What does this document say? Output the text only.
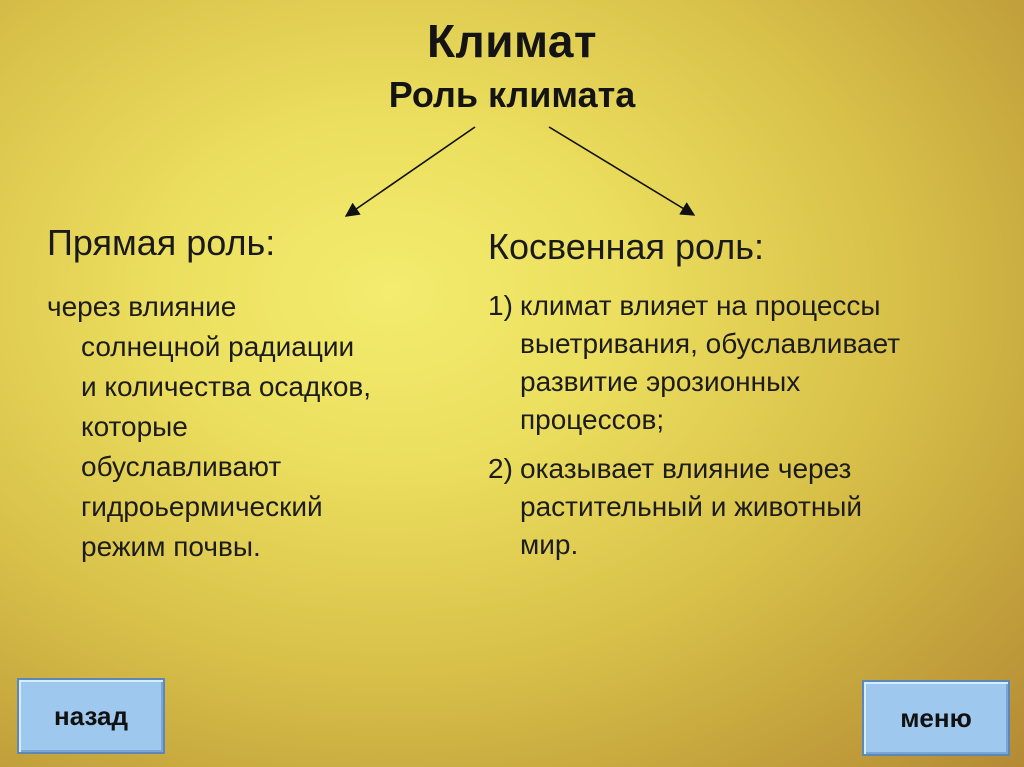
Климат
Роль климата
Прямая роль:
через влияние
солнецной радиации
и количества осадков,
которые
обуславливают
гидроьермический
режим почвы.
Косвенная роль:
1) климат влияет на процессы
выетривания, обуславливает
развитие эрозионных
процессов;
2) оказывает влияние через
растительный и животный
мир.
назад	меню
